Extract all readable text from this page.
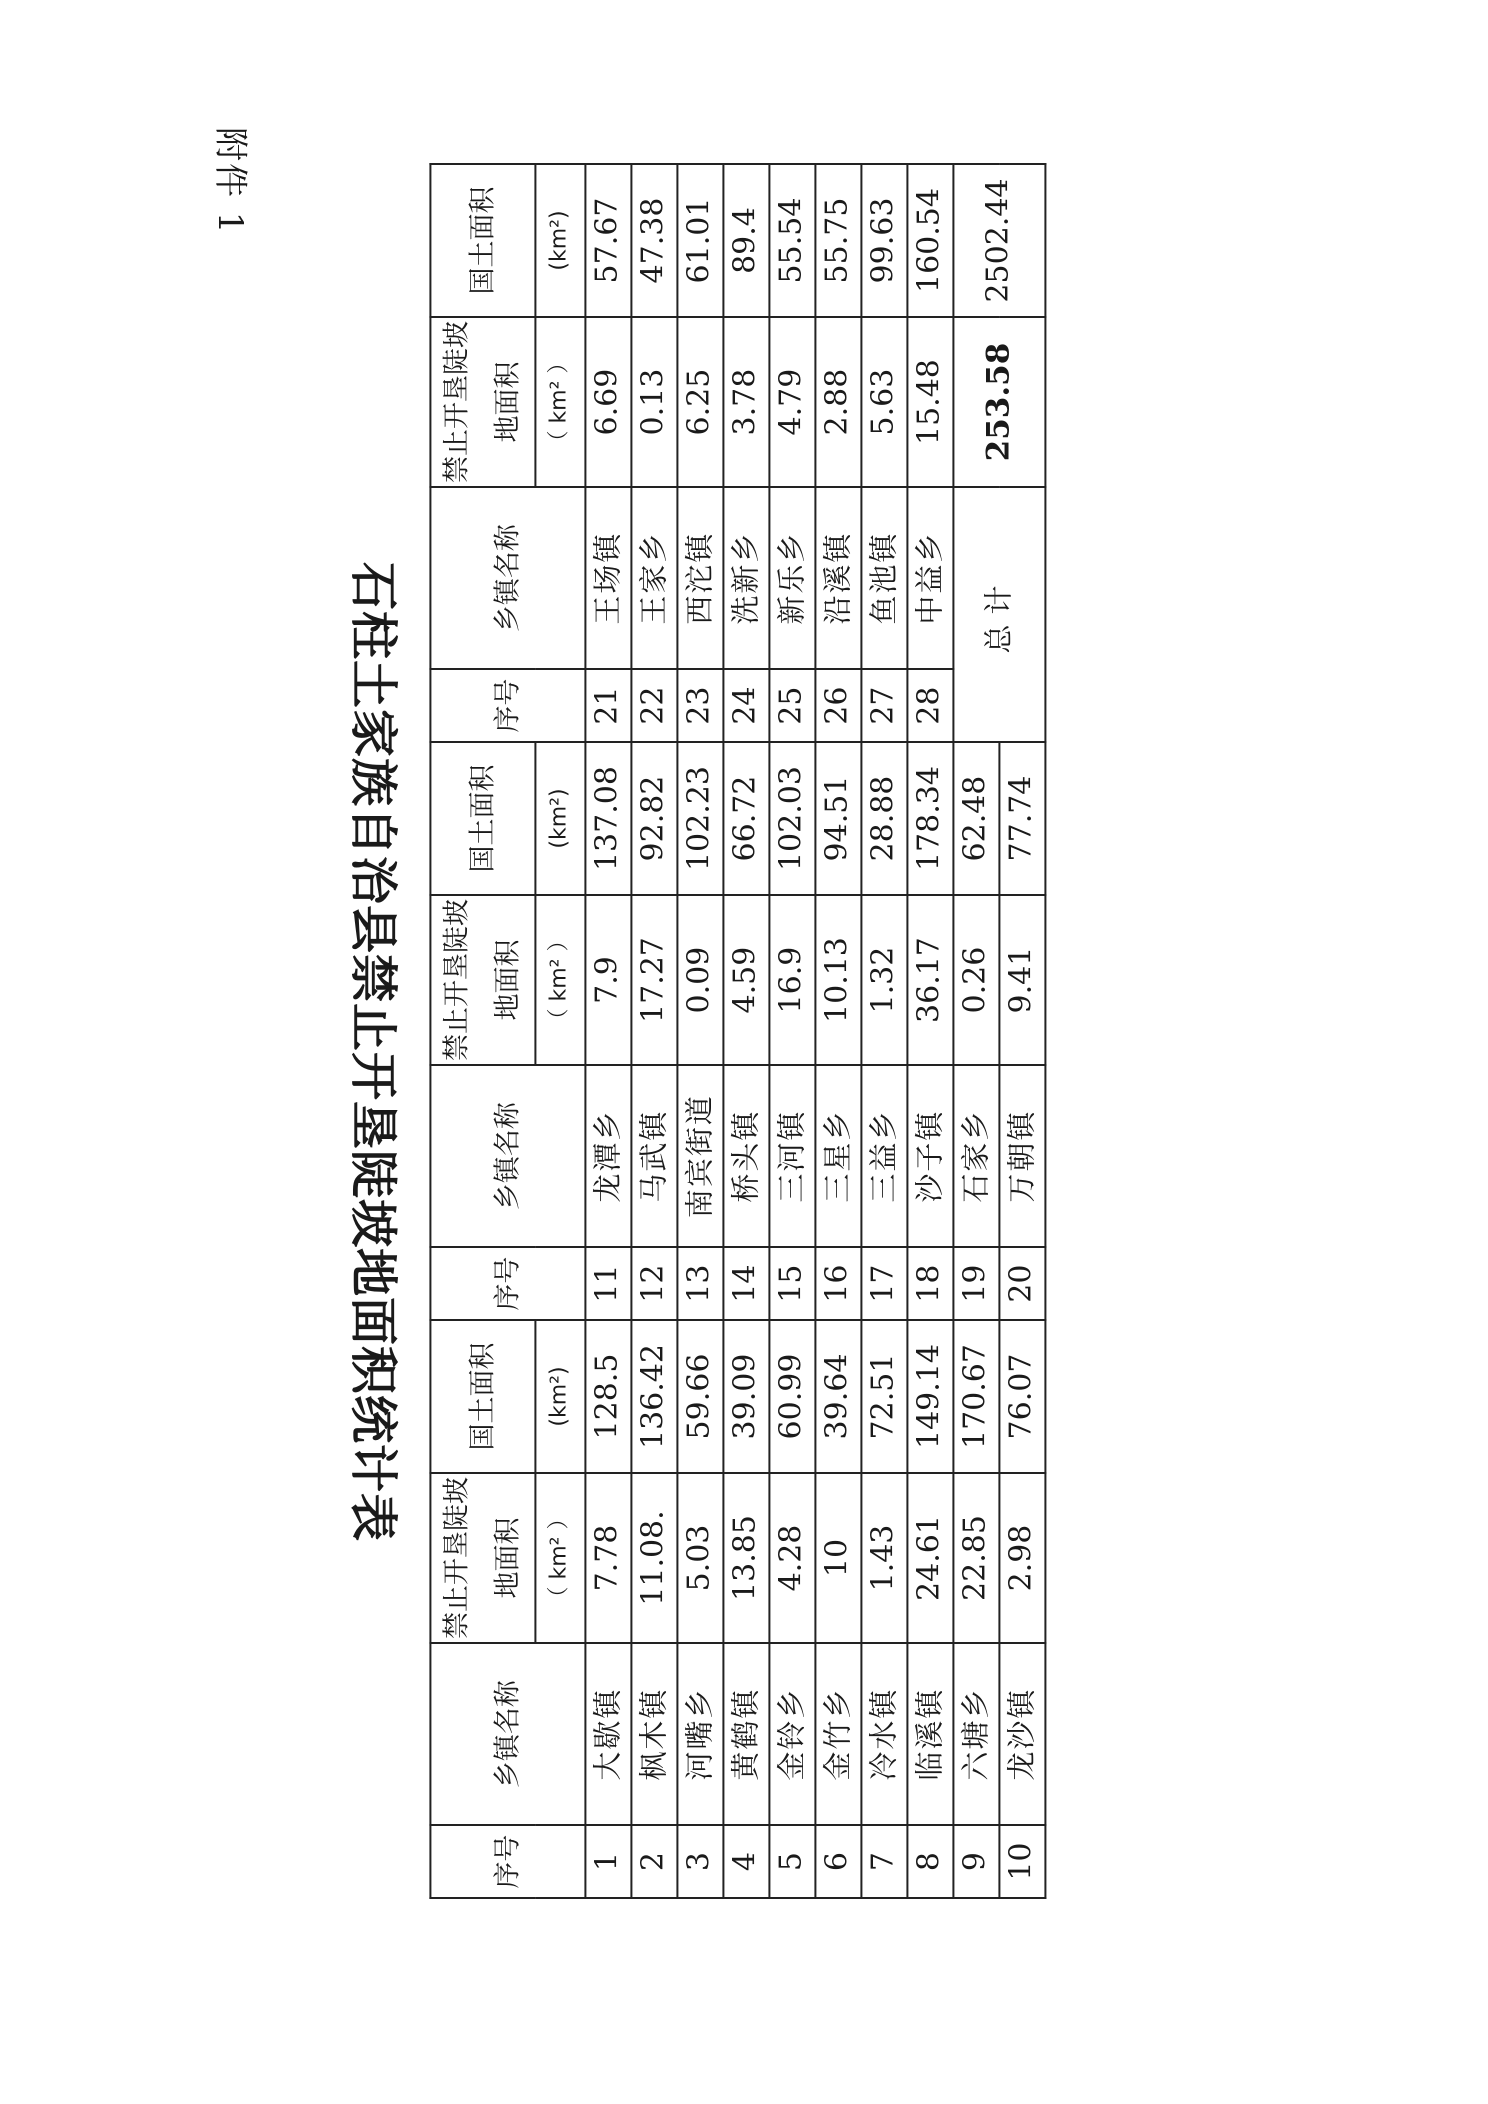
附件 1
序号	乡镇名称	禁止开垦陡坡地面积	国土面积	序号	乡镇名称	禁止开垦陡坡地面积	国土面积	序号	乡镇名称	禁止开垦陡坡地面积	国土面积
		（ km² ）	(km²)			（ km² ）	(km²)			（ km² ）	(km²)
1	大歇镇	7.78	128.5	11	龙潭乡	7.9	137.08	21	王场镇	6.69	57.67
2	枫木镇	11.08.	136.42	12	马武镇	17.27	92.82	22	王家乡	0.13	47.38
3	河嘴乡	5.03	59.66	13	南宾街道	0.09	102.23	23	西沱镇	6.25	61.01
4	黄鹤镇	13.85	39.09	14	桥头镇	4.59	66.72	24	洗新乡	3.78	89.4
5	金铃乡	4.28	60.99	15	三河镇	16.9	102.03	25	新乐乡	4.79	55.54
6	金竹乡	10	39.64	16	三星乡	10.13	94.51	26	沿溪镇	2.88	55.75
7	冷水镇	1.43	72.51	17	三益乡	1.32	28.88	27	鱼池镇	5.63	99.63
8	临溪镇	24.61	149.14	18	沙子镇	36.17	178.34	28	中益乡	15.48	160.54
9	六塘乡	22.85	170.67	19	石家乡	0.26	62.48	总计		253.58	2502.44
10	龙沙镇	2.98	76.07	20	万朝镇	9.41	77.74				
石柱土家族自治县禁止开垦陡坡地面积统计表
